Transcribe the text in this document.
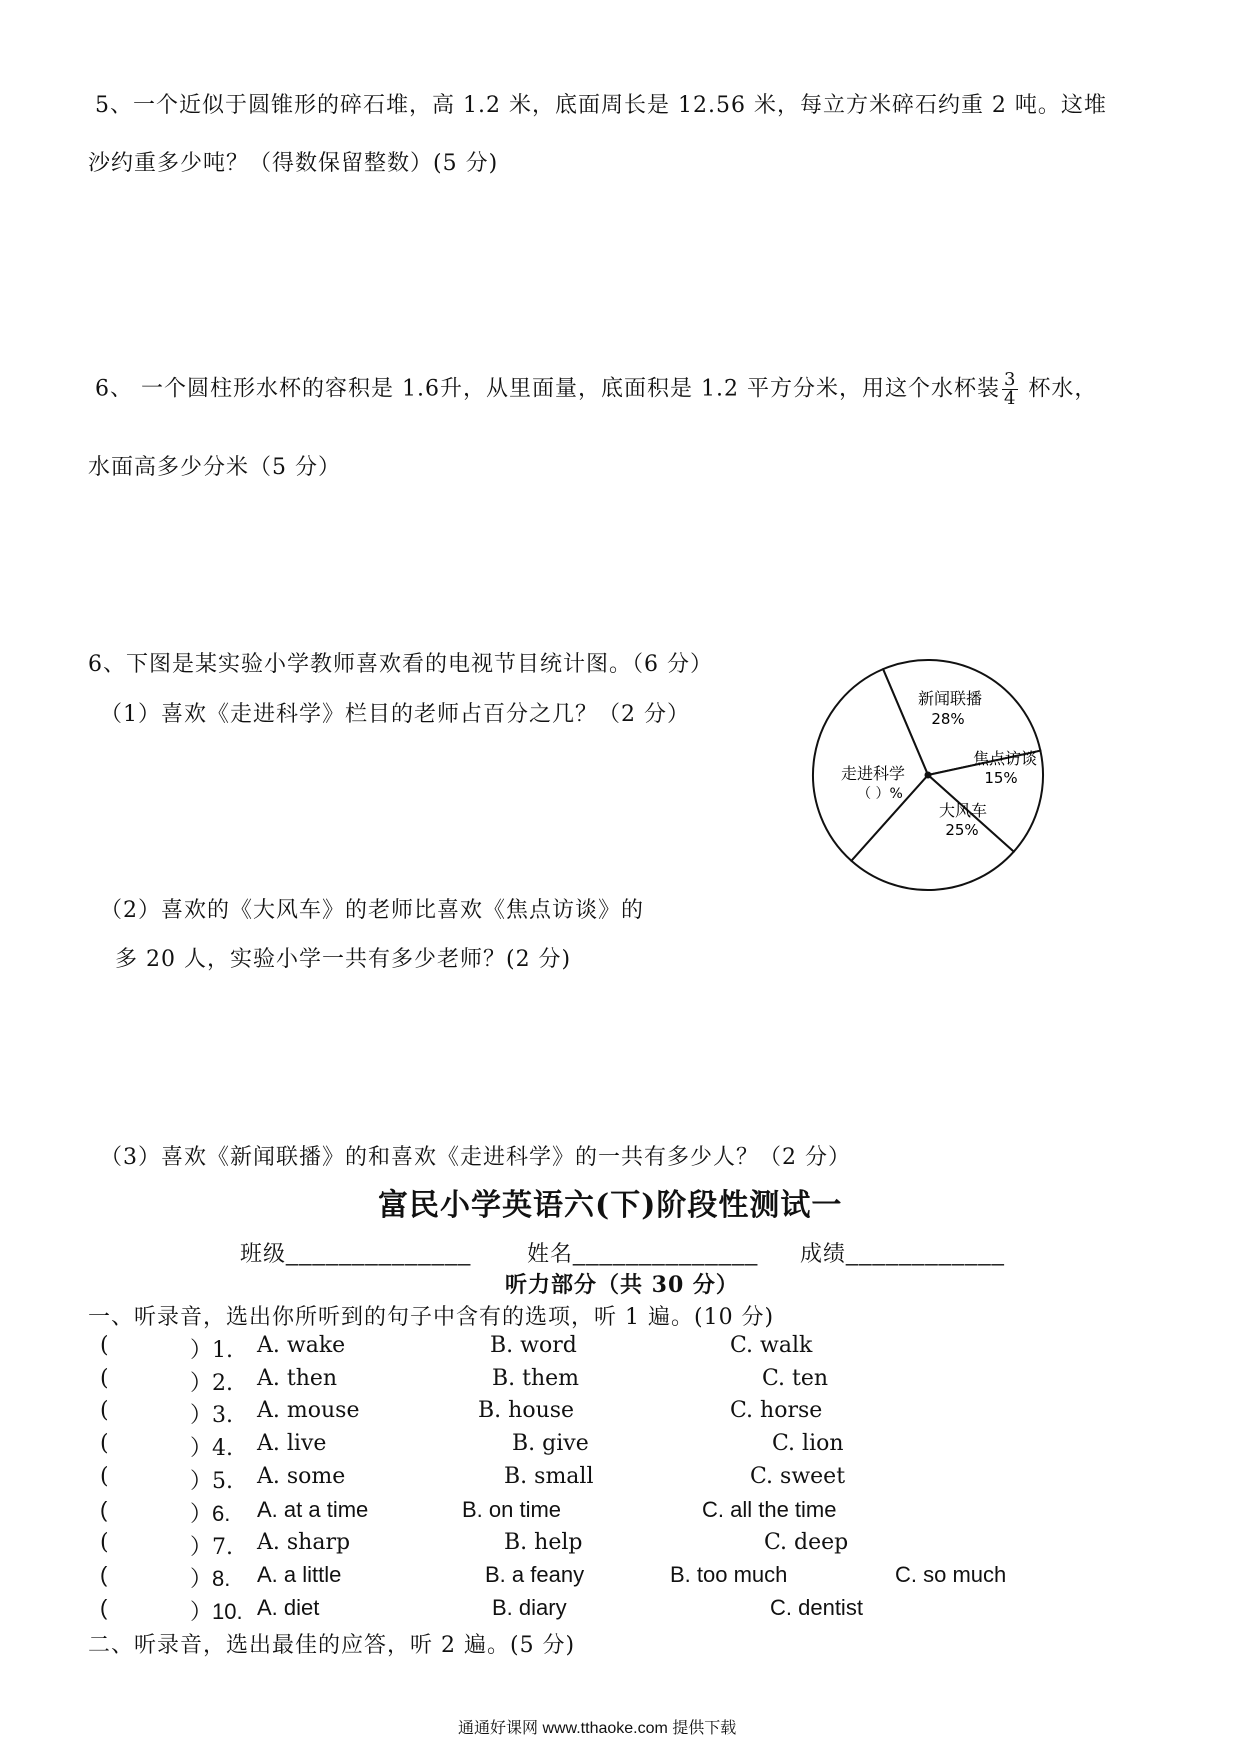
5、一个近似于圆锥形的碎石堆，高 1.2 米，底面周长是 12.56 米，每立方米碎石约重 2 吨。这堆
沙约重多少吨？（得数保留整数）(5 分)
6、 一个圆柱形水杯的容积是 1.6升，从里面量，底面积是 1.2 平方分米，用这个水杯装 $\frac{3}{4}$ 杯水，
水面高多少分米（5 分）
6、下图是某实验小学教师喜欢看的电视节目统计图。（6 分）
（1）喜欢《走进科学》栏目的老师占百分之几？（2 分）
新闻联播
28%
焦点访谈
15%
大风车
25%
走进科学
（ ）%
（2）喜欢的《大风车》的老师比喜欢《焦点访谈》的
多 20 人，实验小学一共有多少老师？(2 分)
（3）喜欢《新闻联播》的和喜欢《走进科学》的一共有多少人？（2 分）
富民小学英语六(下)阶段性测试一
班级______________	姓名______________ 成绩____________
听力部分（共 30 分）
一、听录音，选出你所听到的句子中含有的选项，听 1 遍。(10 分)
(	）1. A. wake	B. word	C. walk
(	）2. A. then	B. them	C. ten
(	）3. A. mouse	B. house	C. horse
(	）4. A. live	B. give	C. lion
(	）5. A. some	B. small	C. sweet
(	）6. A. at a time	B. on time	C. all the time
(	）7. A. sharp	B. help	C. deep
(	）8. A. a little	B. a feany	B. too much	C. so much
(	）10. A. diet	B. diary	C. dentist
二、听录音，选出最佳的应答，听 2 遍。(5 分)
通通好课网 www.tthaoke.com 提供下载
